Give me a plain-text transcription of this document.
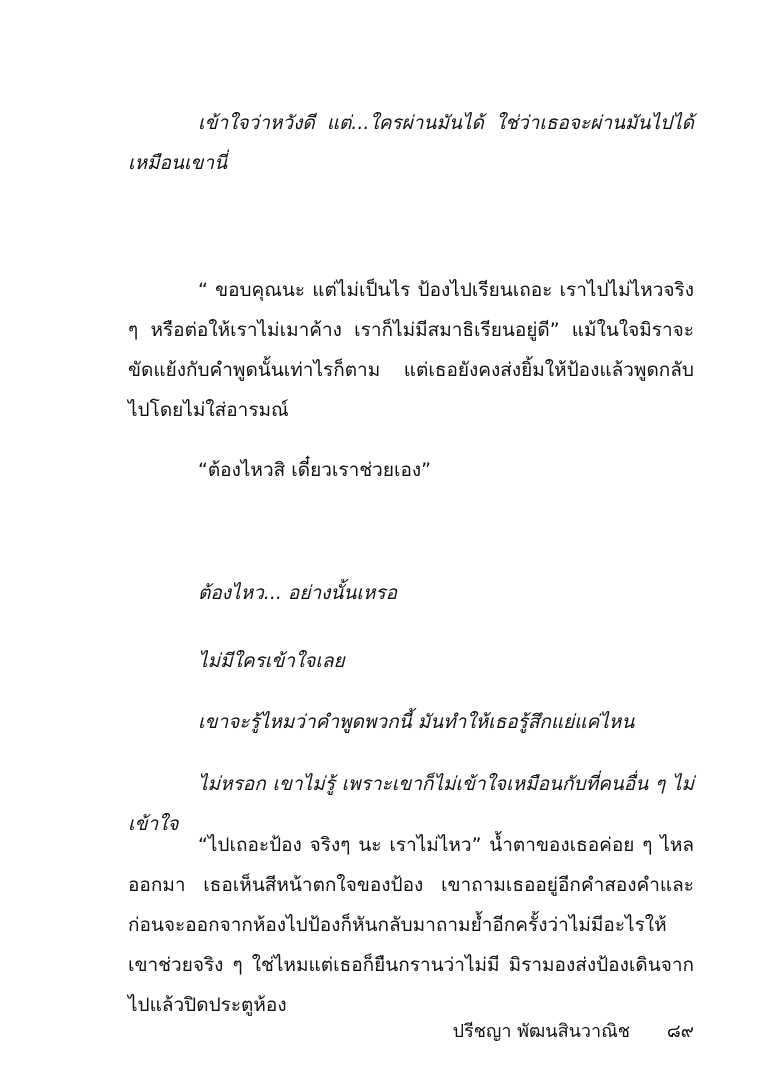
เข้าใจว่าหวังดี แต่...ใครผ่านมันได้ ใช่ว่าเธอจะผ่านมันไปได้เหมือนเขานี่

“ ขอบคุณนะ แต่ไม่เป็นไร ป้องไปเรียนเถอะ เราไปไม่ไหวจริง ๆ หรือต่อให้เราไม่เมาค้าง เราก็ไม่มีสมาธิเรียนอยู่ดี” แม้ในใจมิราจะขัดแย้งกับคำพูดนั้นเท่าไรก็ตาม แต่เธอยังคงส่งยิ้มให้ป้องแล้วพูดกลับไปโดยไม่ใส่อารมณ์

“ต้องไหวสิ เดี๋ยวเราช่วยเอง”

ต้องไหว... อย่างนั้นเหรอ

ไม่มีใครเข้าใจเลย

เขาจะรู้ไหมว่าคำพูดพวกนี้ มันทำให้เธอรู้สึกแย่แค่ไหน

ไม่หรอก เขาไม่รู้ เพราะเขาก็ไม่เข้าใจเหมือนกับที่คนอื่น ๆ ไม่เข้าใจ

“ไปเถอะป้อง จริงๆ นะ เราไม่ไหว” น้ำตาของเธอค่อย ๆ ไหลออกมา เธอเห็นสีหน้าตกใจของป้อง เขาถามเธออยู่อีกคำสองคำและก่อนจะออกจากห้องไปป้องก็หันกลับมาถามย้ำอีกครั้งว่าไม่มีอะไรให้เขาช่วยจริง ๆ ใช่ไหมแต่เธอก็ยืนกรานว่าไม่มี มิรามองส่งป้องเดินจากไปแล้วปิดประตูห้อง

ปรีชญา พัฒนสินวาณิช ๘๙
